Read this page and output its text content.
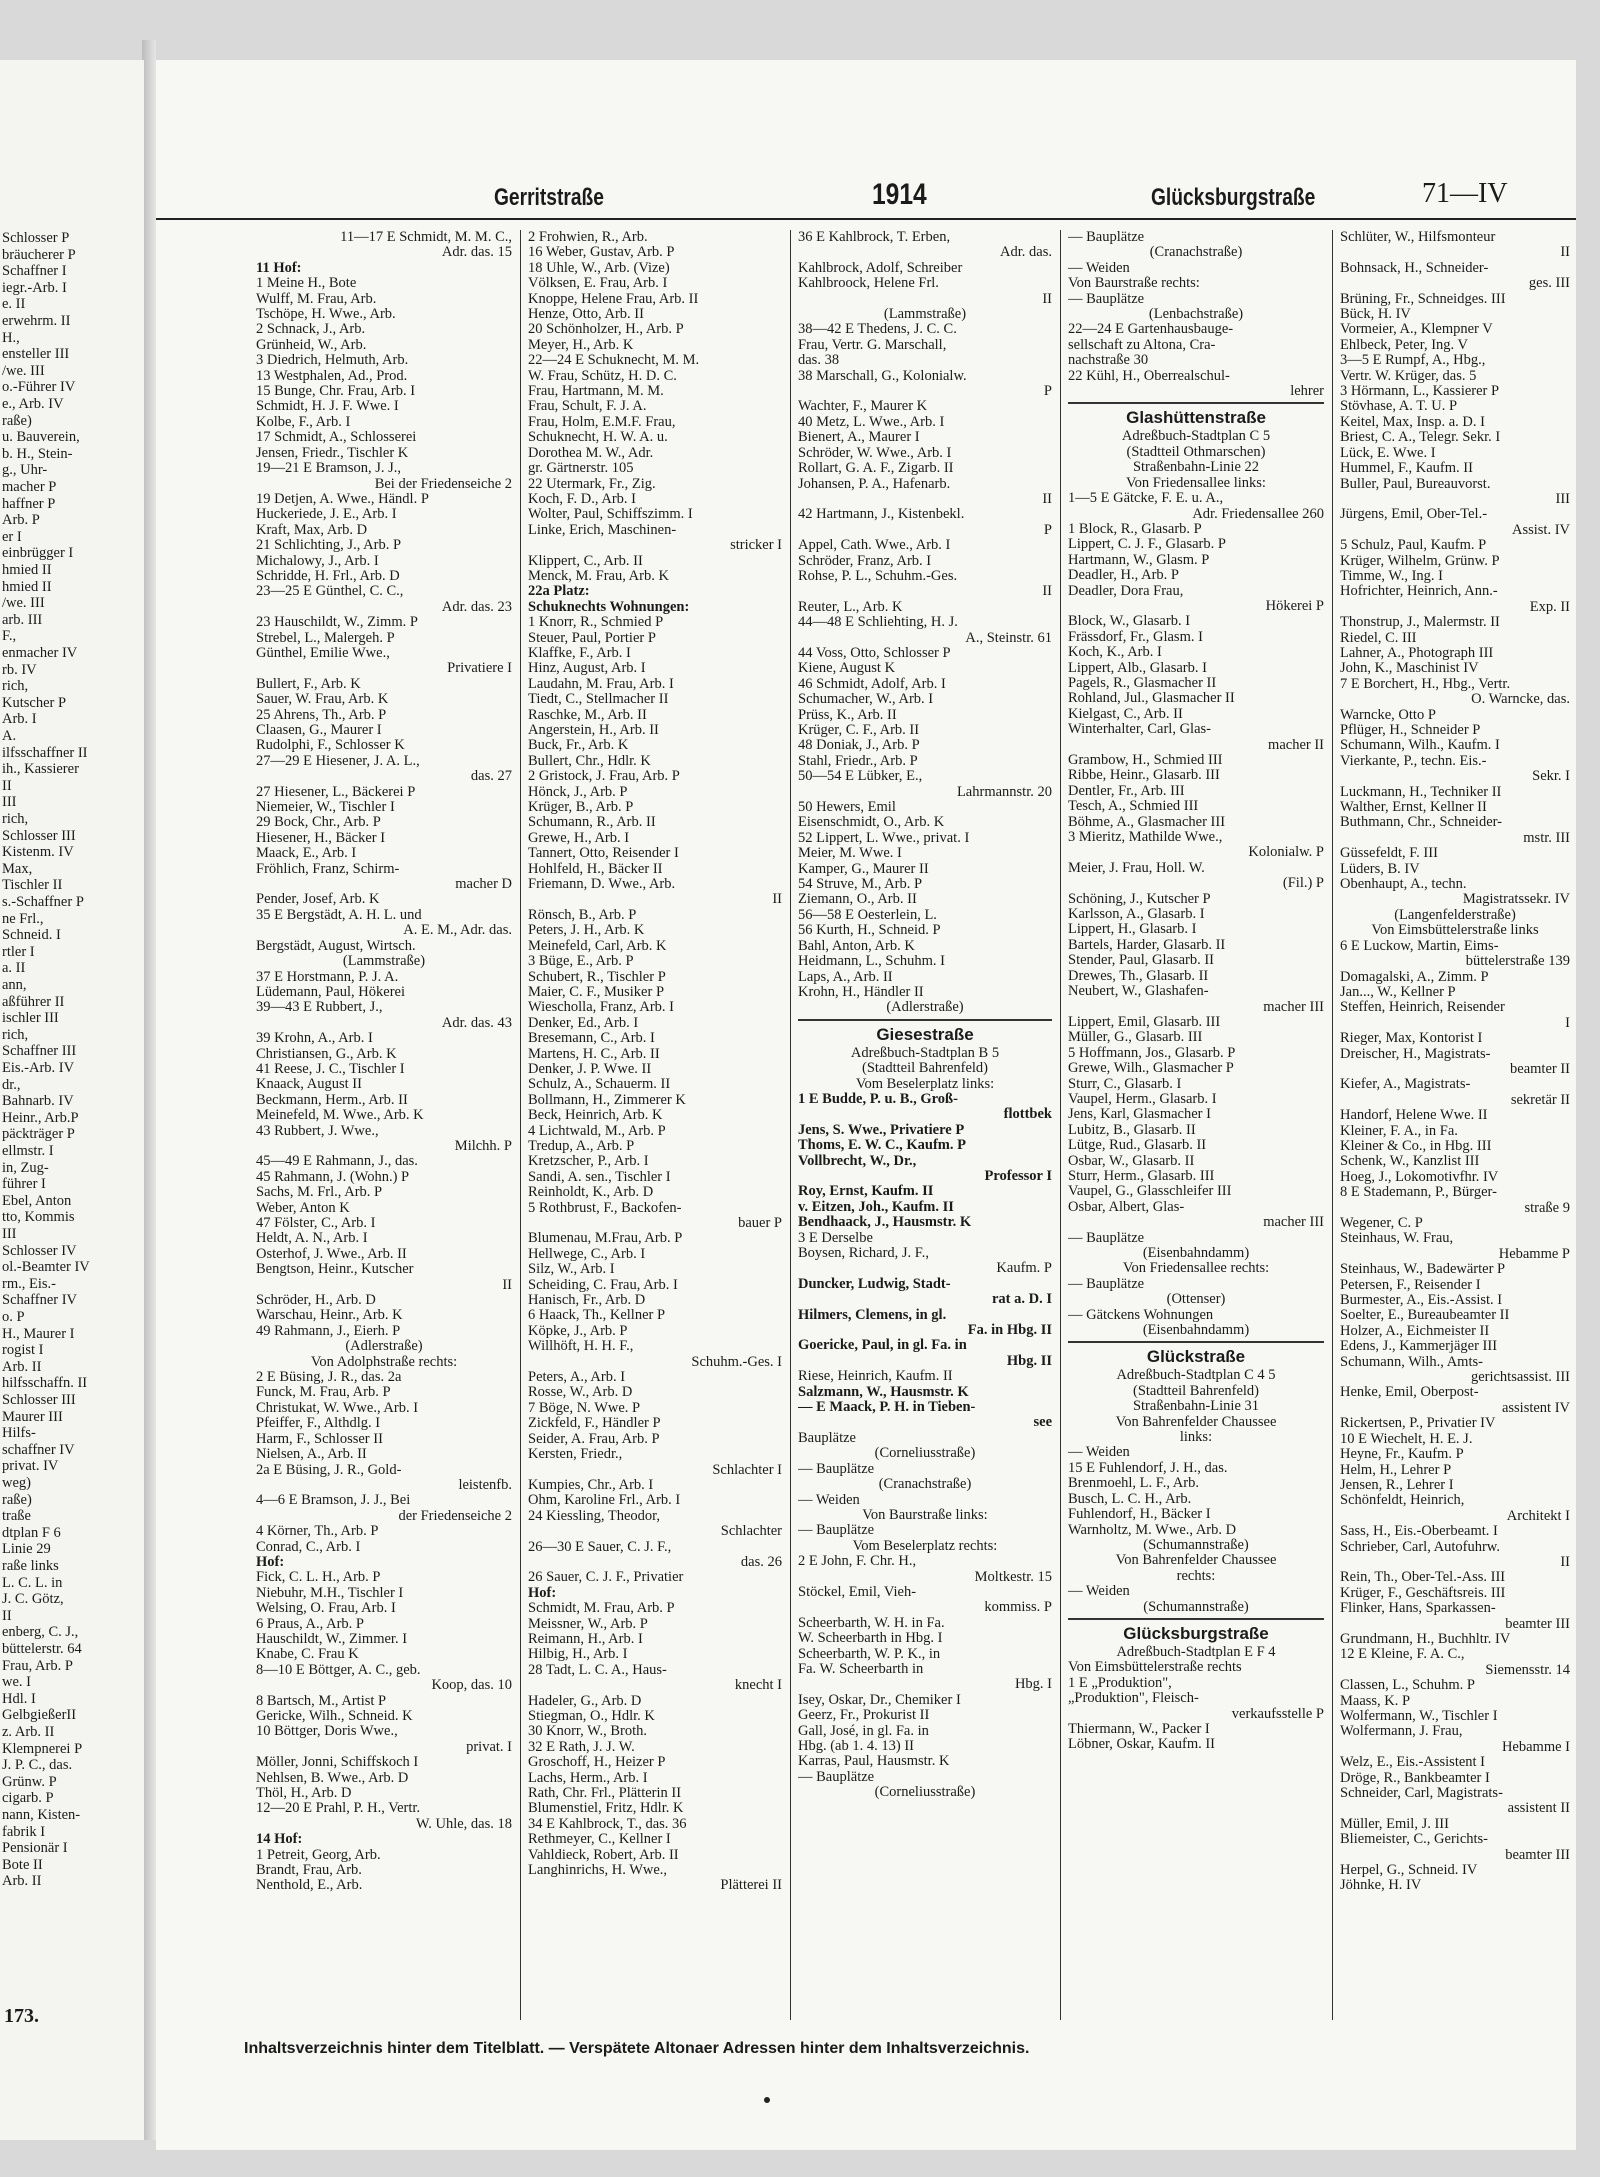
173.
Schlosser P
bräucherer P
Schaffner I
iegr.-Arb. I
e. II
erwehrm. II
H.,
ensteller III
/we. III
o.-Führer IV
e., Arb. IV
raße)
u. Bauverein,
b. H., Stein-
g., Uhr-
macher P
haffner P
Arb. P
er I
einbrügger I
hmied II
hmied II
/we. III
arb. III
F.,
enmacher IV
rb. IV
rich,
Kutscher P
Arb. I
A.
ilfsschaffner II
ih., Kassierer
II
III
rich,
Schlosser III
Kistenm. IV
Max,
Tischler II
s.-Schaffner P
ne Frl.,
Schneid. I
rtler I
a. II
ann,
aßführer II
ischler III
rich,
Schaffner III
Eis.-Arb. IV
dr.,
Bahnarb. IV
Heinr., Arb.P
päckträger P
ellmstr. I
in, Zug-
führer I
Ebel, Anton
tto, Kommis
III
Schlosser IV
ol.-Beamter IV
rm., Eis.-
Schaffner IV
o. P
H., Maurer I
rogist I
Arb. II
hilfsschaffn. II
Schlosser III
Maurer III
Hilfs-
schaffner IV
privat. IV
weg)
raße)
traße
dtplan F 6
Linie 29
raße links
L. C. L. in
J. C. Götz,
II
enberg, C. J.,
büttelerstr. 64
Frau, Arb. P
we. I
Hdl. I
GelbgießerII
z. Arb. II
Klempnerei P
J. P. C., das.
Grünw. P
cigarb. P
nann, Kisten-
fabrik I
Pensionär I
Bote II
Arb. II
Gerritstraße	1914	Glücksburgstraße	71—IV
11—17 E Schmidt, M. M. C.,
Adr. das. 15
11 Hof:
1 Meine H., Bote
Wulff, M. Frau, Arb.
Tschöpe, H. Wwe., Arb.
2 Schnack, J., Arb.
Grünheid, W., Arb.
3 Diedrich, Helmuth, Arb.
13 Westphalen, Ad., Prod.
15 Bunge, Chr. Frau, Arb. I
Schmidt, H. J. F. Wwe. I
Kolbe, F., Arb. I
17 Schmidt, A., Schlosserei
Jensen, Friedr., Tischler K
19—21 E Bramson, J. J.,
Bei der Friedenseiche 2
19 Detjen, A. Wwe., Händl. P
Huckeriede, J. E., Arb. I
Kraft, Max, Arb. D
21 Schlichting, J., Arb. P
Michalowy, J., Arb. I
Schridde, H. Frl., Arb. D
23—25 E Günthel, C. C.,
Adr. das. 23
23 Hauschildt, W., Zimm. P
Strebel, L., Malergeh. P
Günthel, Emilie Wwe.,
Privatiere I
Bullert, F., Arb. K
Sauer, W. Frau, Arb. K
25 Ahrens, Th., Arb. P
Claasen, G., Maurer I
Rudolphi, F., Schlosser K
27—29 E Hiesener, J. A. L.,
das. 27
27 Hiesener, L., Bäckerei P
Niemeier, W., Tischler I
29 Bock, Chr., Arb. P
Hiesener, H., Bäcker I
Maack, E., Arb. I
Fröhlich, Franz, Schirm-
macher D
Pender, Josef, Arb. K
35 E Bergstädt, A. H. L. und
A. E. M., Adr. das.
Bergstädt, August, Wirtsch.
(Lammstraße)
37 E Horstmann, P. J. A.
Lüdemann, Paul, Hökerei
39—43 E Rubbert, J.,
Adr. das. 43
39 Krohn, A., Arb. I
Christiansen, G., Arb. K
41 Reese, J. C., Tischler I
Knaack, August II
Beckmann, Herm., Arb. II
Meinefeld, M. Wwe., Arb. K
43 Rubbert, J. Wwe.,
Milchh. P
45—49 E Rahmann, J., das.
45 Rahmann, J. (Wohn.) P
Sachs, M. Frl., Arb. P
Weber, Anton K
47 Fölster, C., Arb. I
Heldt, A. N., Arb. I
Osterhof, J. Wwe., Arb. II
Bengtson, Heinr., Kutscher
II
Schröder, H., Arb. D
Warschau, Heinr., Arb. K
49 Rahmann, J., Eierh. P
(Adlerstraße)
Von Adolphstraße rechts:
2 E Büsing, J. R., das. 2a
Funck, M. Frau, Arb. P
Christukat, W. Wwe., Arb. I
Pfeiffer, F., Althdlg. I
Harm, F., Schlosser II
Nielsen, A., Arb. II
2a E Büsing, J. R., Gold-
leistenfb.
4—6 E Bramson, J. J., Bei
der Friedenseiche 2
4 Körner, Th., Arb. P
Conrad, C., Arb. I
Hof:
Fick, C. L. H., Arb. P
Niebuhr, M.H., Tischler I
Welsing, O. Frau, Arb. I
6 Praus, A., Arb. P
Hauschildt, W., Zimmer. I
Knabe, C. Frau K
8—10 E Böttger, A. C., geb.
Koop, das. 10
8 Bartsch, M., Artist P
Gericke, Wilh., Schneid. K
10 Böttger, Doris Wwe.,
privat. I
Möller, Jonni, Schiffskoch I
Nehlsen, B. Wwe., Arb. D
Thöl, H., Arb. D
12—20 E Prahl, P. H., Vertr.
W. Uhle, das. 18
14 Hof:
1 Petreit, Georg, Arb.
Brandt, Frau, Arb.
Nenthold, E., Arb.
2 Frohwien, R., Arb.
16 Weber, Gustav, Arb. P
18 Uhle, W., Arb. (Vize)
Völksen, E. Frau, Arb. I
Knoppe, Helene Frau, Arb. II
Henze, Otto, Arb. II
20 Schönholzer, H., Arb. P
Meyer, H., Arb. K
22—24 E Schuknecht, M. M.
W. Frau, Schütz, H. D. C.
Frau, Hartmann, M. M.
Frau, Schult, F. J. A.
Frau, Holm, E.M.F. Frau,
Schuknecht, H. W. A. u.
Dorothea M. W., Adr.
gr. Gärtnerstr. 105
22 Utermark, Fr., Zig.
Koch, F. D., Arb. I
Wolter, Paul, Schiffszimm. I
Linke, Erich, Maschinen-
stricker I
Klippert, C., Arb. II
Menck, M. Frau, Arb. K
22a Platz:
Schuknechts Wohnungen:
1 Knorr, R., Schmied P
Steuer, Paul, Portier P
Klaffke, F., Arb. I
Hinz, August, Arb. I
Laudahn, M. Frau, Arb. I
Tiedt, C., Stellmacher II
Raschke, M., Arb. II
Angerstein, H., Arb. II
Buck, Fr., Arb. K
Bullert, Chr., Hdlr. K
2 Gristock, J. Frau, Arb. P
Hönck, J., Arb. P
Krüger, B., Arb. P
Schumann, R., Arb. II
Grewe, H., Arb. I
Tannert, Otto, Reisender I
Hohlfeld, H., Bäcker II
Friemann, D. Wwe., Arb.
II
Rönsch, B., Arb. P
Peters, J. H., Arb. K
Meinefeld, Carl, Arb. K
3 Büge, E., Arb. P
Schubert, R., Tischler P
Maier, C. F., Musiker P
Wiescholla, Franz, Arb. I
Denker, Ed., Arb. I
Bresemann, C., Arb. I
Martens, H. C., Arb. II
Denker, J. P. Wwe. II
Schulz, A., Schauerm. II
Bollmann, H., Zimmerer K
Beck, Heinrich, Arb. K
4 Lichtwald, M., Arb. P
Tredup, A., Arb. P
Kretzscher, P., Arb. I
Sandi, A. sen., Tischler I
Reinholdt, K., Arb. D
5 Rothbrust, F., Backofen-
bauer P
Blumenau, M.Frau, Arb. P
Hellwege, C., Arb. I
Silz, W., Arb. I
Scheiding, C. Frau, Arb. I
Hanisch, Fr., Arb. D
6 Haack, Th., Kellner P
Köpke, J., Arb. P
Willhöft, H. H. F.,
Schuhm.-Ges. I
Peters, A., Arb. I
Rosse, W., Arb. D
7 Böge, N. Wwe. P
Zickfeld, F., Händler P
Seider, A. Frau, Arb. P
Kersten, Friedr.,
Schlachter I
Kumpies, Chr., Arb. I
Ohm, Karoline Frl., Arb. I
24 Kiessling, Theodor,
Schlachter
26—30 E Sauer, C. J. F.,
das. 26
26 Sauer, C. J. F., Privatier
Hof:
Schmidt, M. Frau, Arb. P
Meissner, W., Arb. P
Reimann, H., Arb. I
Hilbig, H., Arb. I
28 Tadt, L. C. A., Haus-
knecht I
Hadeler, G., Arb. D
Stiegman, O., Hdlr. K
30 Knorr, W., Broth.
32 E Rath, J. J. W.
Groschoff, H., Heizer P
Lachs, Herm., Arb. I
Rath, Chr. Frl., Plätterin II
Blumenstiel, Fritz, Hdlr. K
34 E Kahlbrock, T., das. 36
Rethmeyer, C., Kellner I
Vahldieck, Robert, Arb. II
Langhinrichs, H. Wwe.,
Plätterei II
36 E Kahlbrock, T. Erben,
Adr. das.
Kahlbrock, Adolf, Schreiber
Kahlbroock, Helene Frl.
II
(Lammstraße)
38—42 E Thedens, J. C. C.
Frau, Vertr. G. Marschall,
das. 38
38 Marschall, G., Kolonialw.
P
Wachter, F., Maurer K
40 Metz, L. Wwe., Arb. I
Bienert, A., Maurer I
Schröder, W. Wwe., Arb. I
Rollart, G. A. F., Zigarb. II
Johansen, P. A., Hafenarb.
II
42 Hartmann, J., Kistenbekl.
P
Appel, Cath. Wwe., Arb. I
Schröder, Franz, Arb. I
Rohse, P. L., Schuhm.-Ges.
II
Reuter, L., Arb. K
44—48 E Schliehting, H. J.
A., Steinstr. 61
44 Voss, Otto, Schlosser P
Kiene, August K
46 Schmidt, Adolf, Arb. I
Schumacher, W., Arb. I
Prüss, K., Arb. II
Krüger, C. F., Arb. II
48 Doniak, J., Arb. P
Stahl, Friedr., Arb. P
50—54 E Lübker, E.,
Lahrmannstr. 20
50 Hewers, Emil
Eisenschmidt, O., Arb. K
52 Lippert, L. Wwe., privat. I
Meier, M. Wwe. I
Kamper, G., Maurer II
54 Struve, M., Arb. P
Ziemann, O., Arb. II
56—58 E Oesterlein, L.
56 Kurth, H., Schneid. P
Bahl, Anton, Arb. K
Heidmann, L., Schuhm. I
Laps, A., Arb. II
Krohn, H., Händler II
(Adlerstraße)
Giesestraße
Adreßbuch-Stadtplan B 5
(Stadtteil Bahrenfeld)
Vom Beselerplatz links:
1 E Budde, P. u. B., Groß-
flottbek
Jens, S. Wwe., Privatiere P
Thoms, E. W. C., Kaufm. P
Vollbrecht, W., Dr.,
Professor I
Roy, Ernst, Kaufm. II
v. Eitzen, Joh., Kaufm. II
Bendhaack, J., Hausmstr. K
3 E Derselbe
Boysen, Richard, J. F.,
Kaufm. P
Duncker, Ludwig, Stadt-
rat a. D. I
Hilmers, Clemens, in gl.
Fa. in Hbg. II
Goericke, Paul, in gl. Fa. in
Hbg. II
Riese, Heinrich, Kaufm. II
Salzmann, W., Hausmstr. K
— E Maack, P. H. in Tieben-
see
Bauplätze
(Corneliusstraße)
— Bauplätze
(Cranachstraße)
— Weiden
Von Baurstraße links:
— Bauplätze
Vom Beselerplatz rechts:
2 E John, F. Chr. H.,
Moltkestr. 15
Stöckel, Emil, Vieh-
kommiss. P
Scheerbarth, W. H. in Fa.
W. Scheerbarth in Hbg. I
Scheerbarth, W. P. K., in
Fa. W. Scheerbarth in
Hbg. I
Isey, Oskar, Dr., Chemiker I
Geerz, Fr., Prokurist II
Gall, José, in gl. Fa. in
Hbg. (ab 1. 4. 13) II
Karras, Paul, Hausmstr. K
— Bauplätze
(Corneliusstraße)
— Bauplätze
(Cranachstraße)
— Weiden
Von Baurstraße rechts:
— Bauplätze
(Lenbachstraße)
22—24 E Gartenhausbauge-
sellschaft zu Altona, Cra-
nachstraße 30
22 Kühl, H., Oberrealschul-
lehrer
Glashüttenstraße
Adreßbuch-Stadtplan C 5
(Stadtteil Othmarschen)
Straßenbahn-Linie 22
Von Friedensallee links:
1—5 E Gätcke, F. E. u. A.,
Adr. Friedensallee 260
1 Block, R., Glasarb. P
Lippert, C. J. F., Glasarb. P
Hartmann, W., Glasm. P
Deadler, H., Arb. P
Deadler, Dora Frau,
Hökerei P
Block, W., Glasarb. I
Frässdorf, Fr., Glasm. I
Koch, K., Arb. I
Lippert, Alb., Glasarb. I
Pagels, R., Glasmacher II
Rohland, Jul., Glasmacher II
Kielgast, C., Arb. II
Winterhalter, Carl, Glas-
macher II
Grambow, H., Schmied III
Ribbe, Heinr., Glasarb. III
Dentler, Fr., Arb. III
Tesch, A., Schmied III
Böhme, A., Glasmacher III
3 Mieritz, Mathilde Wwe.,
Kolonialw. P
Meier, J. Frau, Holl. W.
(Fil.) P
Schöning, J., Kutscher P
Karlsson, A., Glasarb. I
Lippert, H., Glasarb. I
Bartels, Harder, Glasarb. II
Stender, Paul, Glasarb. II
Drewes, Th., Glasarb. II
Neubert, W., Glashafen-
macher III
Lippert, Emil, Glasarb. III
Müller, G., Glasarb. III
5 Hoffmann, Jos., Glasarb. P
Grewe, Wilh., Glasmacher P
Sturr, C., Glasarb. I
Vaupel, Herm., Glasarb. I
Jens, Karl, Glasmacher I
Lubitz, B., Glasarb. II
Lütge, Rud., Glasarb. II
Osbar, W., Glasarb. II
Sturr, Herm., Glasarb. III
Vaupel, G., Glasschleifer III
Osbar, Albert, Glas-
macher III
— Bauplätze
(Eisenbahndamm)
Von Friedensallee rechts:
— Bauplätze
(Ottenser)
— Gätckens Wohnungen
(Eisenbahndamm)
Glückstraße
Adreßbuch-Stadtplan C 4 5
(Stadtteil Bahrenfeld)
Straßenbahn-Linie 31
Von Bahrenfelder Chaussee
links:
— Weiden
15 E Fuhlendorf, J. H., das.
Brenmoehl, L. F., Arb.
Busch, L. C. H., Arb.
Fuhlendorf, H., Bäcker I
Warnholtz, M. Wwe., Arb. D
(Schumannstraße)
Von Bahrenfelder Chaussee
rechts:
— Weiden
(Schumannstraße)
Glücksburgstraße
Adreßbuch-Stadtplan E F 4
Von Eimsbüttelerstraße rechts
1 E „Produktion",
„Produktion", Fleisch-
verkaufsstelle P
Thiermann, W., Packer I
Löbner, Oskar, Kaufm. II
Schlüter, W., Hilfsmonteur
II
Bohnsack, H., Schneider-
ges. III
Brüning, Fr., Schneidges. III
Bück, H. IV
Vormeier, A., Klempner V
Ehlbeck, Peter, Ing. V
3—5 E Rumpf, A., Hbg.,
Vertr. W. Krüger, das. 5
3 Hörmann, L., Kassierer P
Stövhase, A. T. U. P
Keitel, Max, Insp. a. D. I
Briest, C. A., Telegr. Sekr. I
Lück, E. Wwe. I
Hummel, F., Kaufm. II
Buller, Paul, Bureauvorst.
III
Jürgens, Emil, Ober-Tel.-
Assist. IV
5 Schulz, Paul, Kaufm. P
Krüger, Wilhelm, Grünw. P
Timme, W., Ing. I
Hofrichter, Heinrich, Ann.-
Exp. II
Thonstrup, J., Malermstr. II
Riedel, C. III
Lahner, A., Photograph III
John, K., Maschinist IV
7 E Borchert, H., Hbg., Vertr.
O. Warncke, das.
Warncke, Otto P
Pflüger, H., Schneider P
Schumann, Wilh., Kaufm. I
Vierkante, P., techn. Eis.-
Sekr. I
Luckmann, H., Techniker II
Walther, Ernst, Kellner II
Buthmann, Chr., Schneider-
mstr. III
Güssefeldt, F. III
Lüders, B. IV
Obenhaupt, A., techn.
Magistratssekr. IV
(Langenfelderstraße)
Von Eimsbüttelerstraße links
6 E Luckow, Martin, Eims-
büttelerstraße 139
Domagalski, A., Zimm. P
Jan..., W., Kellner P
Steffen, Heinrich, Reisender
I
Rieger, Max, Kontorist I
Dreischer, H., Magistrats-
beamter II
Kiefer, A., Magistrats-
sekretär II
Handorf, Helene Wwe. II
Kleiner, F. A., in Fa.
Kleiner & Co., in Hbg. III
Schenk, W., Kanzlist III
Hoeg, J., Lokomotivfhr. IV
8 E Stademann, P., Bürger-
straße 9
Wegener, C. P
Steinhaus, W. Frau,
Hebamme P
Steinhaus, W., Badewärter P
Petersen, F., Reisender I
Burmester, A., Eis.-Assist. I
Soelter, E., Bureaubeamter II
Holzer, A., Eichmeister II
Edens, J., Kammerjäger III
Schumann, Wilh., Amts-
gerichtsassist. III
Henke, Emil, Oberpost-
assistent IV
Rickertsen, P., Privatier IV
10 E Wiechelt, H. E. J.
Heyne, Fr., Kaufm. P
Helm, H., Lehrer P
Jensen, R., Lehrer I
Schönfeldt, Heinrich,
Architekt I
Sass, H., Eis.-Oberbeamt. I
Schrieber, Carl, Autofuhrw.
II
Rein, Th., Ober-Tel.-Ass. III
Krüger, F., Geschäftsreis. III
Flinker, Hans, Sparkassen-
beamter III
Grundmann, H., Buchhltr. IV
12 E Kleine, F. A. C.,
Siemensstr. 14
Classen, L., Schuhm. P
Maass, K. P
Wolfermann, W., Tischler I
Wolfermann, J. Frau,
Hebamme I
Welz, E., Eis.-Assistent I
Dröge, R., Bankbeamter I
Schneider, Carl, Magistrats-
assistent II
Müller, Emil, J. III
Bliemeister, C., Gerichts-
beamter III
Herpel, G., Schneid. IV
Jöhnke, H. IV
Inhaltsverzeichnis hinter dem Titelblatt. — Verspätete Altonaer Adressen hinter dem Inhaltsverzeichnis.
